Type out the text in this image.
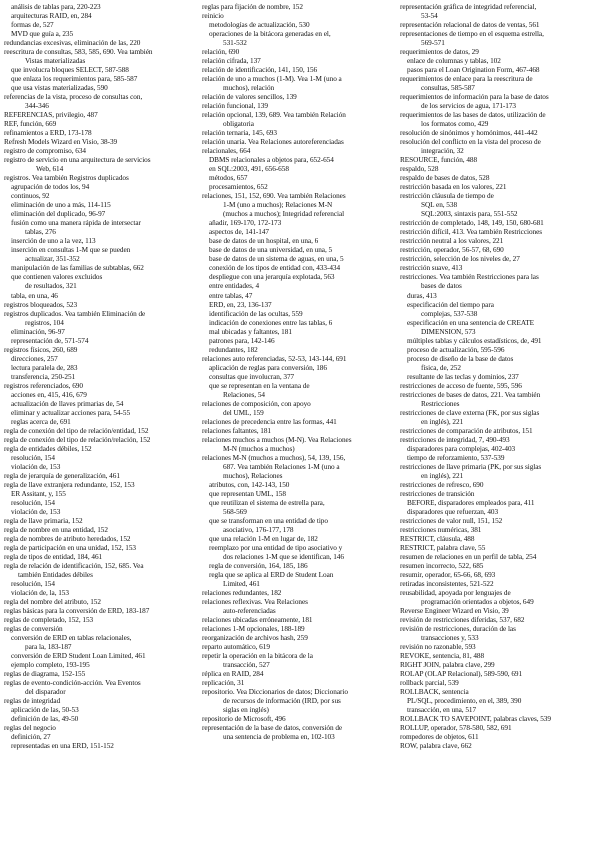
análisis de tablas para, 220-223
arquitecturas RAID, en, 284
formas de, 527
MVD que guía a, 235
redundancias excesivas, eliminación de las, 220
reescritura de consultas, 583, 585, 690. Vea también
Vistas materializadas
que involucra bloques SELECT, 587-588
que enlaza los requerimientos para, 585-587
que usa vistas materializadas, 590
referencias de la vista, proceso de consultas con,
344-346
REFERENCIAS, privilegio, 487
REF, función, 669
refinamientos a ERD, 173-178
Refresh Models Wizard en Visio, 38-39
registro de compromiso, 634
registro de servicio en una arquitectura de servicios
Web, 614
registros. Vea también Registros duplicados
agrupación de todos los, 94
continuos, 92
eliminación de uno a más, 114-115
eliminación del duplicado, 96-97
fusión como una manera rápida de intersectar
tablas, 276
inserción de uno a la vez, 113
inserción en consultas 1-M que se pueden
actualizar, 351-352
manipulación de las familias de subtablas, 662
que contienen valores excluidos
de resultados, 321
tabla, en una, 46
registros bloqueados, 523
registros duplicados. Vea también Eliminación de
registros, 104
eliminación, 96-97
representación de, 571-574
registros físicos, 260, 689
direcciones, 257
lectura paralela de, 283
transferencia, 250-251
registros referenciados, 690
acciones en, 415, 416, 679
actualización de llaves primarias de, 54
eliminar y actualizar acciones para, 54-55
reglas acerca de, 691
regla de conexión del tipo de relación/entidad, 152
regla de conexión del tipo de relación/relación, 152
regla de entidades débiles, 152
resolución, 154
violación de, 153
regla de jerarquía de generalización, 461
regla de llave extranjera redundante, 152, 153
ER Assitant, y, 155
resolución, 154
violación de, 153
regla de llave primaria, 152
regla de nombre en una entidad, 152
regla de nombres de atributo heredados, 152
regla de participación en una unidad, 152, 153
regla de tipos de entidad, 184, 461
regla de relación de identificación, 152, 685. Vea
también Entidades débiles
resolución, 154
violación de, la, 153
regla del nombre del atributo, 152
reglas básicas para la conversión de ERD, 183-187
reglas de completado, 152, 153
reglas de conversión
conversión de ERD en tablas relacionales,
para la, 183-187
conversión de ERD Student Loan Limited, 461
ejemplo completo, 193-195
reglas de diagrama, 152-155
reglas de evento-condición-acción. Vea Eventos
del disparador
reglas de integridad
aplicación de las, 50-53
definición de las, 49-50
reglas del negocio
definición, 27
representadas en una ERD, 151-152
reglas para fijación de nombre, 152
reinicio
metodologías de actualización, 530
operaciones de la bitácora generadas en el,
531-532
relación, 690
relación cifrada, 137
relación de identificación, 141, 150, 156
relación de uno a muchos (1-M). Vea 1-M (uno a
muchos), relación
relación de valores sencillos, 139
relación funcional, 139
relación opcional, 139, 689. Vea también Relación
obligatoria
relación ternaria, 145, 693
relación unaria. Vea Relaciones autoreferenciadas
relacionales, 664
DBMS relacionales a objetos para, 652-654
en SQL:2003, 491, 656-658
métodos, 657
procesamientos, 652
relaciones, 151, 152, 690. Vea también Relaciones
1-M (uno a muchos); Relaciones M-N
(muchos a muchos); Integridad referencial
añadir, 169-170, 172-173
aspectos de, 141-147
base de datos de un hospital, en una, 6
base de datos de una universidad, en una, 5
base de datos de un sistema de aguas, en una, 5
conexión de los tipos de entidad con, 433-434
despliegue con una jerarquía explotada, 563
entre entidades, 4
entre tablas, 47
ERD, en, 23, 136-137
identificación de las ocultas, 559
indicación de conexiones entre las tablas, 6
mal ubicadas y faltantes, 181
patrones para, 142-146
redundantes, 182
relaciones auto referenciadas, 52-53, 143-144, 691
aplicación de reglas para conversión, 186
consultas que involucran, 377
que se representan en la ventana de
Relaciones, 54
relaciones de composición, con apoyo
del UML, 159
relaciones de precedencia entre las formas, 441
relaciones faltantes, 181
relaciones muchos a muchos (M-N). Vea Relaciones
M-N (muchos a muchos)
relaciones M-N (muchos a muchos), 54, 139, 156,
687. Vea también Relaciones 1-M (uno a
muchos), Relaciones
atributos, con, 142-143, 150
que representan UML, 158
que reutilizan el sistema de estrella para,
568-569
que se transforman en una entidad de tipo
asociativo, 176-177, 178
que una relación 1-M en lugar de, 182
reemplazo por una entidad de tipo asociativo y
dos relaciones 1-M que se identifican, 146
regla de conversión, 164, 185, 186
regla que se aplica al ERD de Student Loan
Limited, 461
relaciones redundantes, 182
relaciones reflexivas. Vea Relaciones
auto-referenciadas
relaciones ubicadas erróneamente, 181
relaciones 1-M opcionales, 188-189
reorganización de archivos hash, 259
reparto automático, 619
repetir la operación en la bitácora de la
transacción, 527
réplica en RAID, 284
replicación, 31
repositorio. Vea Diccionarios de datos; Diccionario
de recursos de información (IRD, por sus
siglas en inglés)
repositorio de Microsoft, 496
representación de la base de datos, conversión de
una sentencia de problema en, 102-103
representación gráfica de integridad referencial,
53-54
representación relacional de datos de ventas, 561
representaciones de tiempo en el esquema estrella,
569-571
requerimientos de datos, 29
enlace de columnas y tablas, 102
pasos para el Loan Origination Form, 467-468
requerimientos de enlace para la reescritura de
consultas, 585-587
requerimientos de información para la base de datos
de los servicios de agua, 171-173
requerimientos de las bases de datos, utilización de
los formatos como, 429
resolución de sinónimos y homónimos, 441-442
resolución del conflicto en la vista del proceso de
integración, 32
RESOURCE, función, 488
respaldo, 528
respaldo de bases de datos, 528
restricción basada en los valores, 221
restricción cláusula de tiempo de
SQL en, 538
SQL:2003, sintaxis para, 551-552
restricción de completado, 148, 149, 150, 680-681
restricción difícil, 413. Vea también Restricciones
restricción neutral a los valores, 221
restricción, operador, 56-57, 68, 690
restricción, selección de los niveles de, 27
restricción suave, 413
restricciones. Vea también Restricciones para las
bases de datos
duras, 413
especificación del tiempo para
complejas, 537-538
especificación en una sentencia de CREATE
DIMENSION, 573
múltiples tablas y cálculos estadísticos, de, 491
proceso de actualización, 595-596
proceso de diseño de la base de datos
física, de, 252
resultante de las teclas y dominios, 237
restricciones de acceso de fuente, 595, 596
restricciones de bases de datos, 221. Vea también
Restricciones
restricciones de clave externa (FK, por sus siglas
en inglés), 221
restricciones de comparación de atributos, 151
restricciones de integridad, 7, 490-493
disparadores para complejas, 402-403
tiempo de reforzamiento, 537-539
restricciones de llave primaria (PK, por sus siglas
en inglés), 221
restricciones de refresco, 690
restricciones de transición
BEFORE, disparadores empleados para, 411
disparadores que refuerzan, 403
restricciones de valor null, 151, 152
restricciones numéricas, 381
RESTRICT, cláusula, 488
RESTRICT, palabra clave, 55
resumen de relaciones en un perfil de tabla, 254
resumen incorrecto, 522, 685
resumir, operador, 65-66, 68, 693
retiradas inconsistentes, 521-522
reusabilidad, apoyada por lenguajes de
programación orientados a objetos, 649
Reverse Engineer Wizard en Visio, 39
revisión de restricciones diferidas, 537, 682
revisión de restricciones, duración de las
transacciones y, 533
revisión no razonable, 593
REVOKE, sentencia, 81, 488
RIGHT JOIN, palabra clave, 299
ROLAP (OLAP Relacional), 589-590, 691
rollback parcial, 539
ROLLBACK, sentencia
PL/SQL, procedimiento, en el, 389, 390
transacción, en una, 517
ROLLBACK TO SAVEPOINT, palabras claves, 539
ROLLUP, operador, 578-580, 582, 691
rompedores de objetos, 611
ROW, palabra clave, 662
